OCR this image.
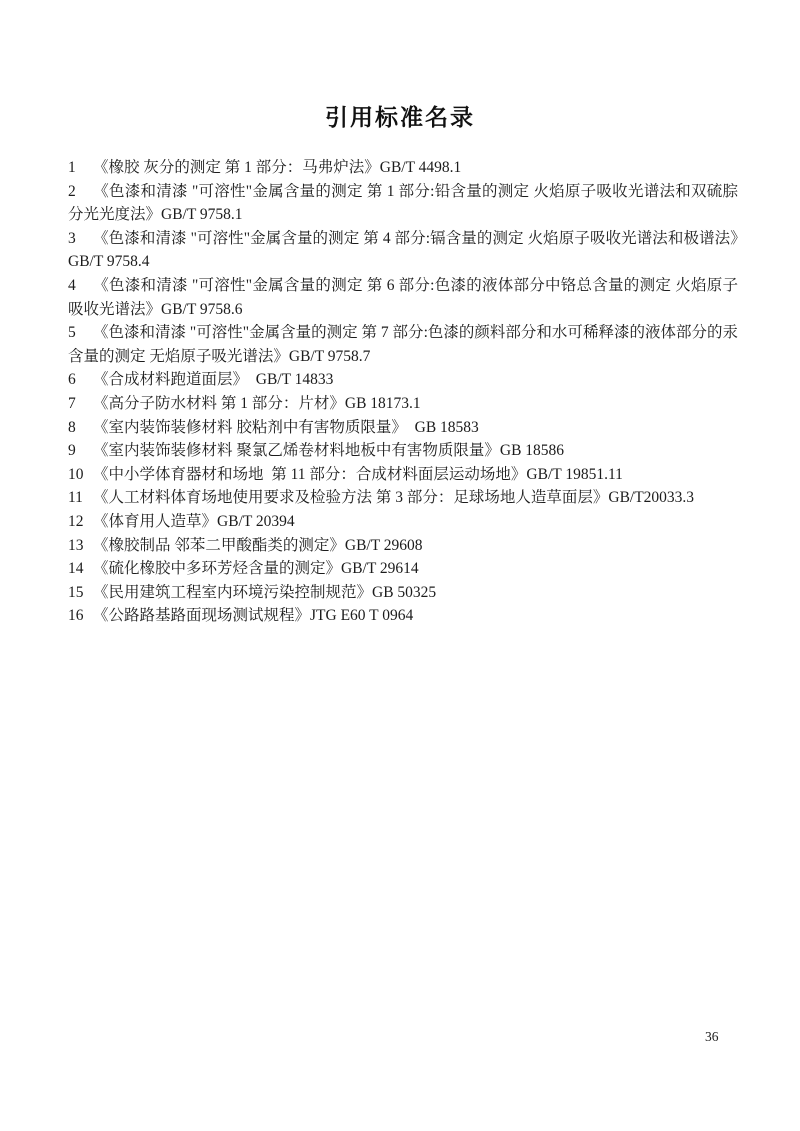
引用标准名录

1 《橡胶 灰分的测定 第 1 部分：马弗炉法》GB/T 4498.1

2 《色漆和清漆 "可溶性"金属含量的测定 第 1 部分:铅含量的测定 火焰原子吸收光谱法和双硫腙分光光度法》GB/T 9758.1

3 《色漆和清漆 "可溶性"金属含量的测定 第 4 部分:镉含量的测定 火焰原子吸收光谱法和极谱法》GB/T 9758.4

4 《色漆和清漆 "可溶性"金属含量的测定 第 6 部分:色漆的液体部分中铬总含量的测定 火焰原子吸收光谱法》GB/T 9758.6

5 《色漆和清漆 "可溶性"金属含量的测定 第 7 部分:色漆的颜料部分和水可稀释漆的液体部分的汞含量的测定 无焰原子吸光谱法》GB/T 9758.7

6 《合成材料跑道面层》  GB/T 14833

7 《高分子防水材料 第 1 部分：片材》GB 18173.1

8 《室内装饰装修材料 胶粘剂中有害物质限量》  GB 18583

9 《室内装饰装修材料 聚氯乙烯卷材料地板中有害物质限量》GB 18586

10 《中小学体育器材和场地  第 11 部分：合成材料面层运动场地》GB/T 19851.11

11 《人工材料体育场地使用要求及检验方法 第 3 部分：足球场地人造草面层》GB/T20033.3

12 《体育用人造草》GB/T 20394

13 《橡胶制品 邻苯二甲酸酯类的测定》GB/T 29608

14 《硫化橡胶中多环芳烃含量的测定》GB/T 29614

15 《民用建筑工程室内环境污染控制规范》GB 50325

16 《公路路基路面现场测试规程》JTG E60 T 0964

36
